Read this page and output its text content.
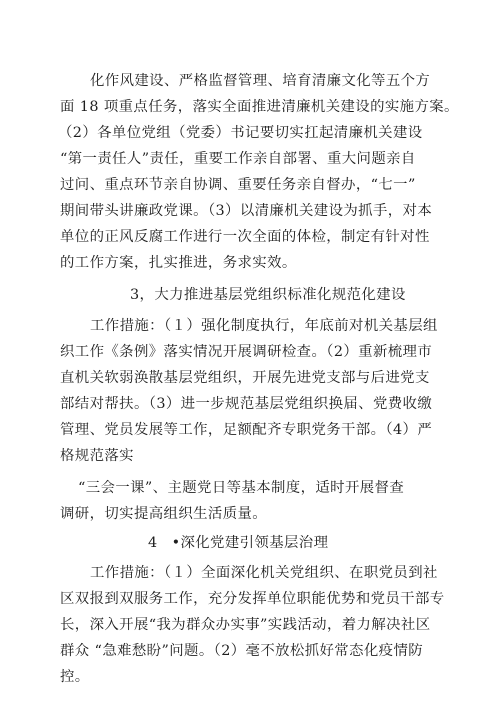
化作风建设、严格监督管理、培育清廉文化等五个方
面 18 项重点任务，落实全面推进清廉机关建设的实施方案。
（2）各单位党组（党委）书记要切实扛起清廉机关建设
“第一责任人”责任，重要工作亲自部署、重大问题亲自
过问、重点环节亲自协调、重要任务亲自督办，“七一”
期间带头讲廉政党课。（3）以清廉机关建设为抓手，对本
单位的正风反腐工作进行一次全面的体检，制定有针对性
的工作方案，扎实推进，务求实效。
3，大力推进基层党组织标准化规范化建设
工作措施：（１）强化制度执行，年底前对机关基层组
织工作《条例》落实情况开展调研检查。（2）重新梳理市
直机关软弱涣散基层党组织，开展先进党支部与后进党支
部结对帮扶。（3）进一步规范基层党组织换届、党费收缴
管理、党员发展等工作，足额配齐专职党务干部。（4）严
格规范落实
“三会一课”、主题党日等基本制度，适时开展督查
调研，切实提高组织生活质量。
4 •深化党建引领基层治理
工作措施：（１）全面深化机关党组织、在职党员到社
区双报到双服务工作，充分发挥单位职能优势和党员干部专
长，深入开展“我为群众办实事”实践活动，着力解决社区
群众 “急难愁盼”问题。（2）毫不放松抓好常态化疫情防
控。
